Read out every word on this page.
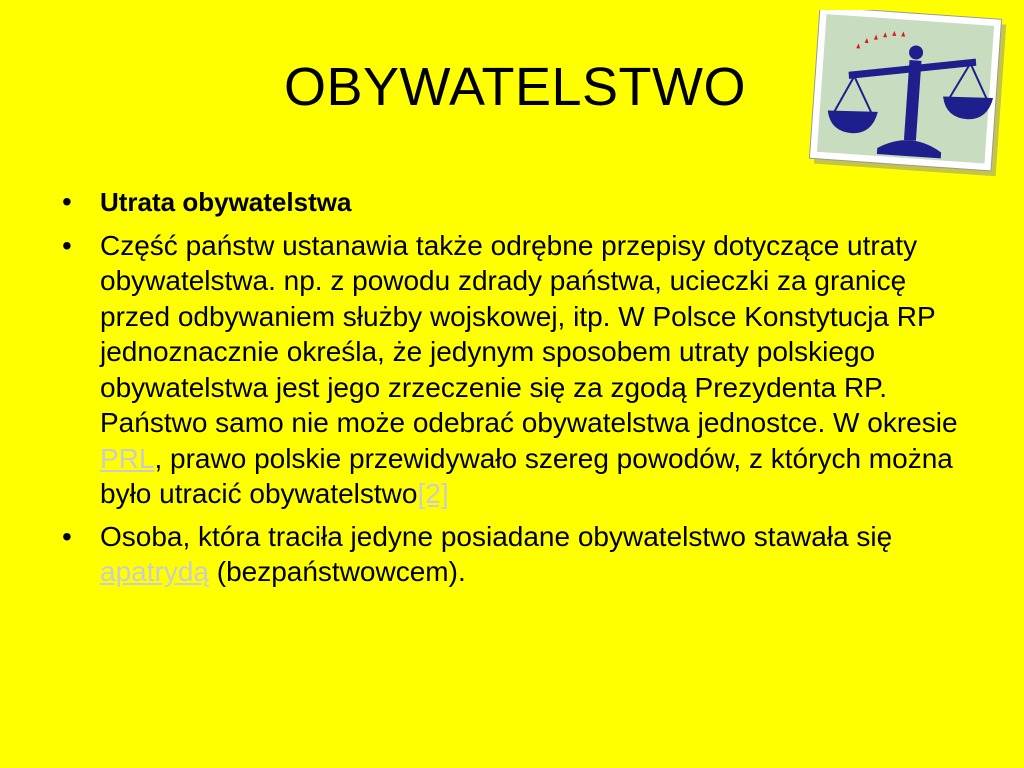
OBYWATELSTWO
•	Utrata obywatelstwa
•	Część państw ustanawia także odrębne przepisy dotyczące utraty obywatelstwa. np. z powodu zdrady państwa, ucieczki za granicę przed odbywaniem służby wojskowej, itp. W Polsce Konstytucja RP jednoznacznie określa, że jedynym sposobem utraty polskiego obywatelstwa jest jego zrzeczenie się za zgodą Prezydenta RP. Państwo samo nie może odebrać obywatelstwa jednostce. W okresie PRL, prawo polskie przewidywało szereg powodów, z których można było utracić obywatelstwo[2]
•	Osoba, która traciła jedyne posiadane obywatelstwo stawała się apatrydą (bezpaństwowcem).
